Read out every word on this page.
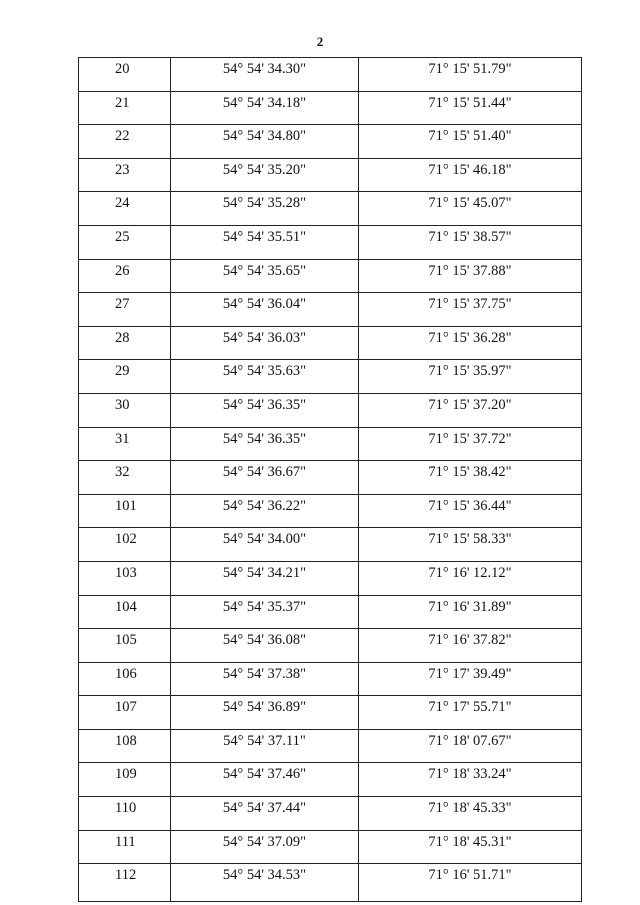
2
20	54° 54' 34.30"	71° 15' 51.79"
21	54° 54' 34.18"	71° 15' 51.44"
22	54° 54' 34.80"	71° 15' 51.40"
23	54° 54' 35.20"	71° 15' 46.18"
24	54° 54' 35.28"	71° 15' 45.07"
25	54° 54' 35.51"	71° 15' 38.57"
26	54° 54' 35.65"	71° 15' 37.88"
27	54° 54' 36.04"	71° 15' 37.75"
28	54° 54' 36.03"	71° 15' 36.28"
29	54° 54' 35.63"	71° 15' 35.97"
30	54° 54' 36.35"	71° 15' 37.20"
31	54° 54' 36.35"	71° 15' 37.72"
32	54° 54' 36.67"	71° 15' 38.42"
101	54° 54' 36.22"	71° 15' 36.44"
102	54° 54' 34.00"	71° 15' 58.33"
103	54° 54' 34.21"	71° 16' 12.12"
104	54° 54' 35.37"	71° 16' 31.89"
105	54° 54' 36.08"	71° 16' 37.82"
106	54° 54' 37.38"	71° 17' 39.49"
107	54° 54' 36.89"	71° 17' 55.71"
108	54° 54' 37.11"	71° 18' 07.67"
109	54° 54' 37.46"	71° 18' 33.24"
110	54° 54' 37.44"	71° 18' 45.33"
111	54° 54' 37.09"	71° 18' 45.31"
112	54° 54' 34.53"	71° 16' 51.71"
